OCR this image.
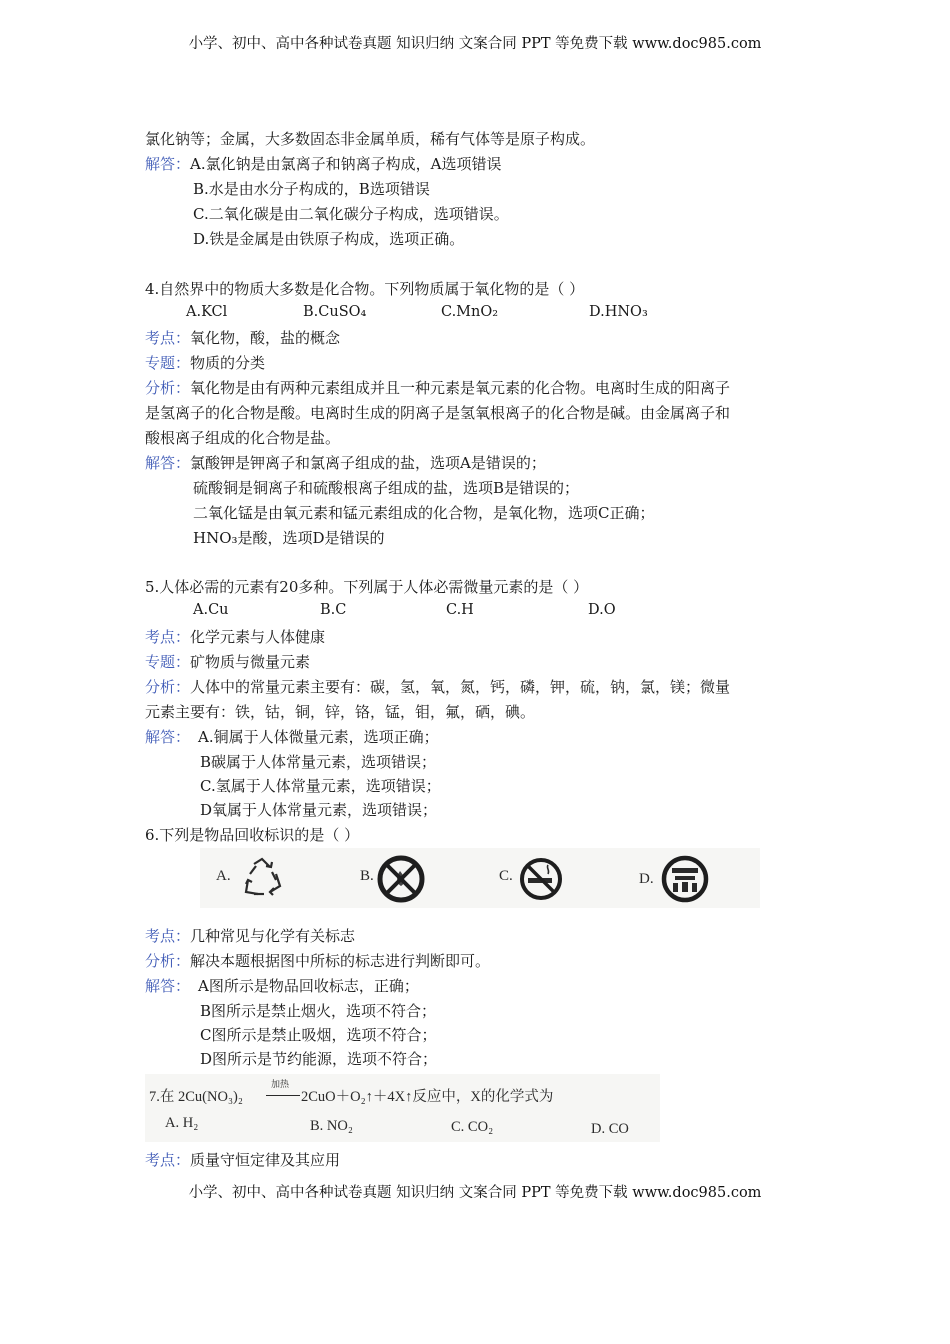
小学、初中、高中各种试卷真题 知识归纳 文案合同 PPT 等免费下载 www.doc985.com
氯化钠等；金属，大多数固态非金属单质，稀有气体等是原子构成。
解答：A.氯化钠是由氯离子和钠离子构成，A选项错误
B.水是由水分子构成的，B选项错误
C.二氧化碳是由二氧化碳分子构成，选项错误。
D.铁是金属是由铁原子构成，选项正确。
4.自然界中的物质大多数是化合物。下列物质属于氧化物的是（ ）
A.KCl	B.CuSO₄	C.MnO₂	D.HNO₃
考点：氧化物，酸，盐的概念
专题：物质的分类
分析：氧化物是由有两种元素组成并且一种元素是氧元素的化合物。电离时生成的阳离子
是氢离子的化合物是酸。电离时生成的阴离子是氢氧根离子的化合物是碱。由金属离子和
酸根离子组成的化合物是盐。
解答：氯酸钾是钾离子和氯离子组成的盐，选项A是错误的；
硫酸铜是铜离子和硫酸根离子组成的盐，选项B是错误的；
二氧化锰是由氧元素和锰元素组成的化合物，是氧化物，选项C正确；
HNO₃是酸，选项D是错误的
5.人体必需的元素有20多种。下列属于人体必需微量元素的是（ ）
A.Cu	B.C	C.H	D.O
考点：化学元素与人体健康
专题：矿物质与微量元素
分析：人体中的常量元素主要有：碳，氢，氧，氮，钙，磷，钾，硫，钠，氯，镁；微量
元素主要有：铁，钴，铜，锌，铬，锰，钼，氟，硒，碘。
解答： A.铜属于人体微量元素，选项正确；
B碳属于人体常量元素，选项错误；
C.氢属于人体常量元素，选项错误；
D氧属于人体常量元素，选项错误；
6.下列是物品回收标识的是（ ）
A.	B.	C.	D.
考点：几种常见与化学有关标志
分析：解决本题根据图中所标的标志进行判断即可。
解答： A图所示是物品回收标志，正确；
B图所示是禁止烟火，选项不符合；
C图所示是禁止吸烟，选项不符合；
D图所示是节约能源，选项不符合；
7.在 2Cu(NO₃)₂
加热
2CuO＋O₂↑＋4X↑反应中，X的化学式为
A. H₂	B. NO₂	C. CO₂	D. CO
考点：质量守恒定律及其应用
小学、初中、高中各种试卷真题 知识归纳 文案合同 PPT 等免费下载 www.doc985.com
